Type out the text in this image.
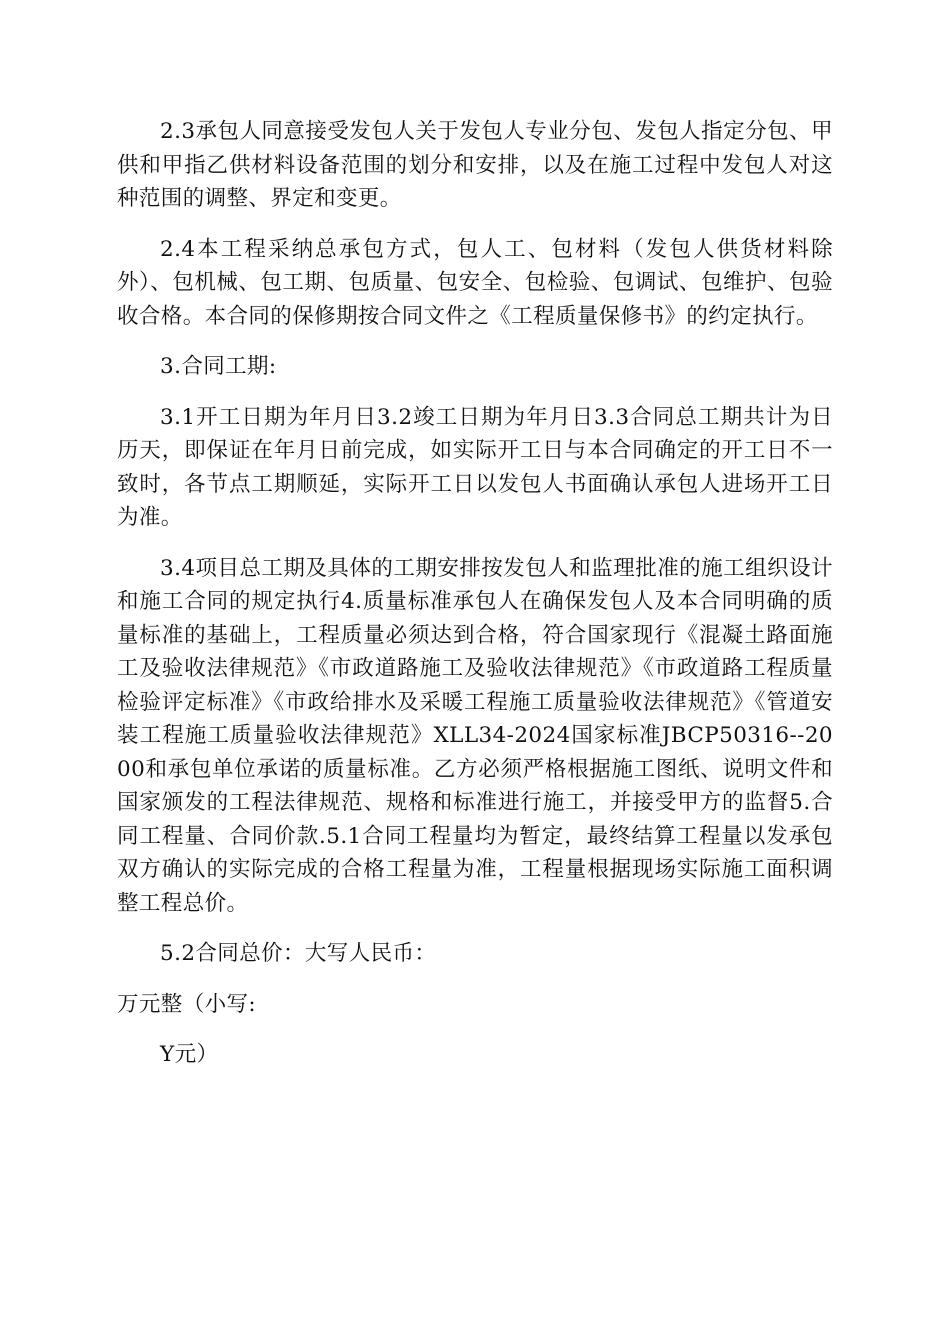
2.3承包人同意接受发包人关于发包人专业分包、发包人指定分包、甲供和甲指乙供材料设备范围的划分和安排，以及在施工过程中发包人对这种范围的调整、界定和变更。

2.4本工程采纳总承包方式，包人工、包材料（发包人供货材料除外）、包机械、包工期、包质量、包安全、包检验、包调试、包维护、包验收合格。本合同的保修期按合同文件之《工程质量保修书》的约定执行。

3.合同工期:

3.1开工日期为年月日3.2竣工日期为年月日3.3合同总工期共计为日历天，即保证在年月日前完成，如实际开工日与本合同确定的开工日不一致时，各节点工期顺延，实际开工日以发包人书面确认承包人进场开工日为准。

3.4项目总工期及具体的工期安排按发包人和监理批准的施工组织设计和施工合同的规定执行4.质量标准承包人在确保发包人及本合同明确的质量标准的基础上，工程质量必须达到合格，符合国家现行《混凝土路面施工及验收法律规范》《市政道路施工及验收法律规范》《市政道路工程质量检验评定标准》《市政给排水及采暖工程施工质量验收法律规范》《管道安装工程施工质量验收法律规范》XLL34-2024国家标准JBCP50316--2000和承包单位承诺的质量标准。乙方必须严格根据施工图纸、说明文件和国家颁发的工程法律规范、规格和标准进行施工，并接受甲方的监督5.合同工程量、合同价款.5.1合同工程量均为暂定，最终结算工程量以发承包双方确认的实际完成的合格工程量为准，工程量根据现场实际施工面积调整工程总价。

5.2合同总价：大写人民币：

万元整（小写:

Y元）
